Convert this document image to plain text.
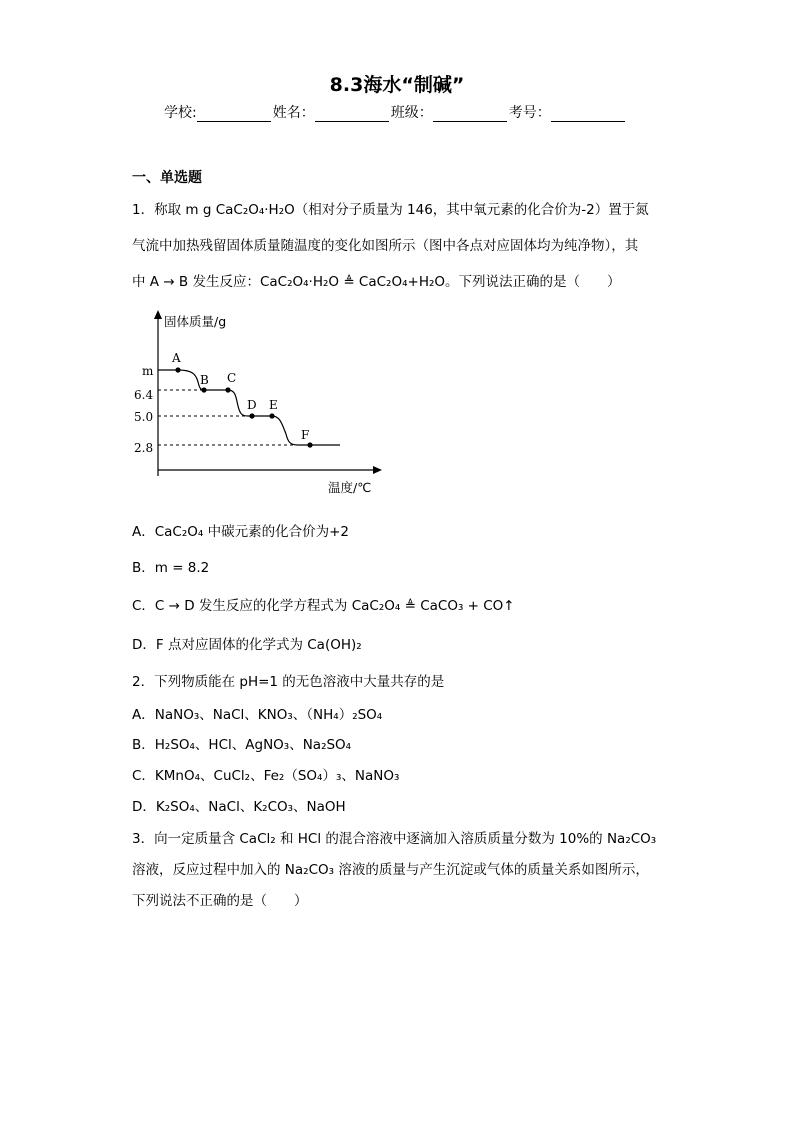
8.3海水“制碱”
学校:	姓名：	班级：	考号：
一、单选题
1．称取 m g CaC₂O₄·H₂O（相对分子质量为 146，其中氧元素的化合价为-2）置于氮
气流中加热残留固体质量随温度的变化如图所示（图中各点对应固体均为纯净物），其
中 A → B 发生反应：CaC₂O₄·H₂O ≜ CaC₂O₄+H₂O。下列说法正确的是（　　）
固体质量/g
温度/℃
m
6.4
5.0
2.8
A
B C
D E
F
A．CaC₂O₄ 中碳元素的化合价为+2
B．m = 8.2
C．C → D 发生反应的化学方程式为 CaC₂O₄ ≜ CaCO₃ + CO↑
D．F 点对应固体的化学式为 Ca(OH)₂
2．下列物质能在 pH=1 的无色溶液中大量共存的是
A．NaNO₃、NaCl、KNO₃、（NH₄）₂SO₄
B．H₂SO₄、HCl、AgNO₃、Na₂SO₄
C．KMnO₄、CuCl₂、Fe₂（SO₄）₃、NaNO₃
D．K₂SO₄、NaCl、K₂CO₃、NaOH
3．向一定质量含 CaCl₂ 和 HCl 的混合溶液中逐滴加入溶质质量分数为 10%的 Na₂CO₃
溶液，反应过程中加入的 Na₂CO₃ 溶液的质量与产生沉淀或气体的质量关系如图所示，
下列说法不正确的是（　　）
